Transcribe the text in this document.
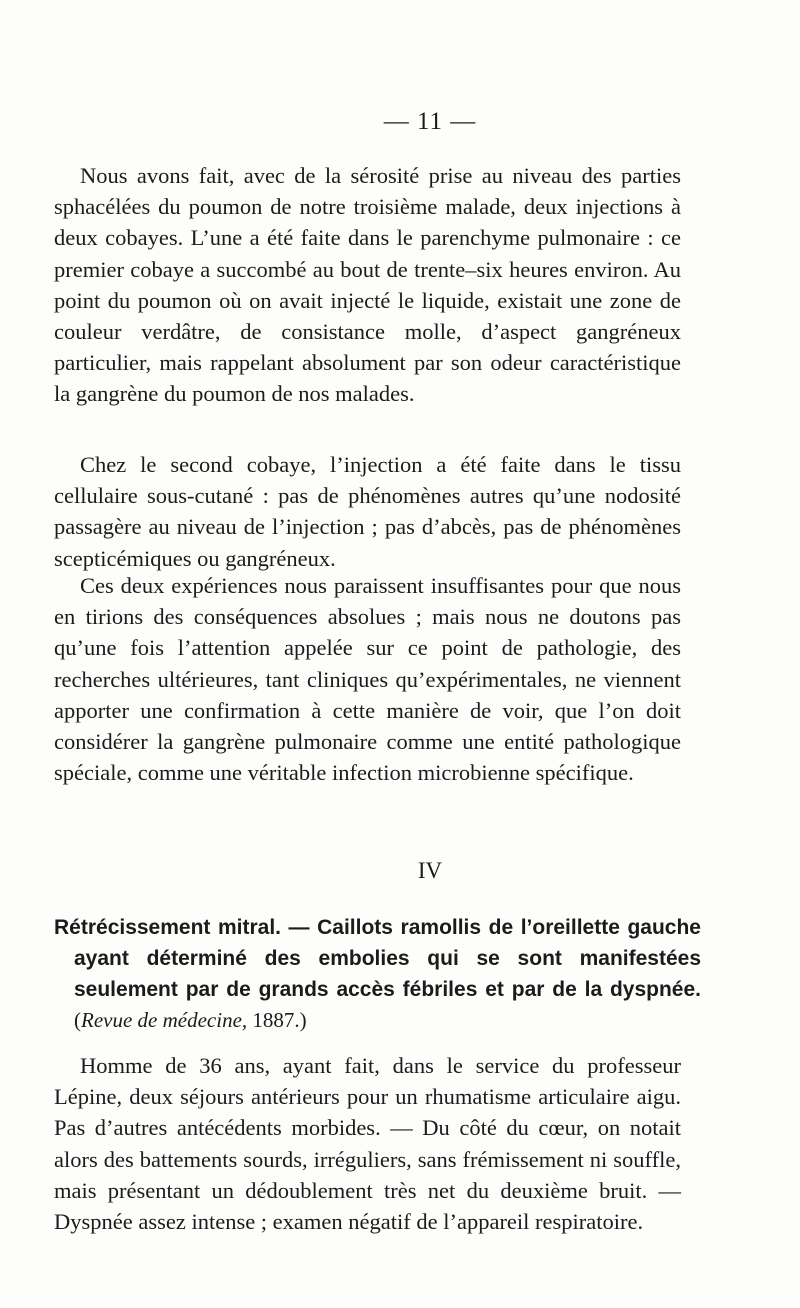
— 11 —

Nous avons fait, avec de la sérosité prise au niveau des parties sphacélées du poumon de notre troisième malade, deux injections à deux cobayes. L’une a été faite dans le parenchyme pulmonaire : ce premier cobaye a succombé au bout de trente–six heures environ. Au point du poumon où on avait injecté le liquide, existait une zone de couleur verdâtre, de consistance molle, d’aspect gangréneux particulier, mais rappelant absolument par son odeur caractéristique la gangrène du poumon de nos malades.

Chez le second cobaye, l’injection a été faite dans le tissu cellulaire sous-cutané : pas de phénomènes autres qu’une nodosité passagère au niveau de l’injection ; pas d’abcès, pas de phénomènes scepticémiques ou gangréneux.

Ces deux expériences nous paraissent insuffisantes pour que nous en tirions des conséquences absolues ; mais nous ne doutons pas qu’une fois l’attention appelée sur ce point de pathologie, des recherches ultérieures, tant cliniques qu’expérimentales, ne viennent apporter une confirmation à cette manière de voir, que l’on doit considérer la gangrène pulmonaire comme une entité pathologique spéciale, comme une véritable infection microbienne spécifique.

IV

Rétrécissement mitral. — Caillots ramollis de l’oreillette gauche ayant déterminé des embolies qui se sont manifestées seulement par de grands accès fébriles et par de la dyspnée. (Revue de médecine, 1887.)

Homme de 36 ans, ayant fait, dans le service du professeur Lépine, deux séjours antérieurs pour un rhumatisme articulaire aigu. Pas d’autres antécédents morbides. — Du côté du cœur, on notait alors des battements sourds, irréguliers, sans frémissement ni souffle, mais présentant un dédoublement très net du deuxième bruit. — Dyspnée assez intense ; examen négatif de l’appareil respiratoire.
